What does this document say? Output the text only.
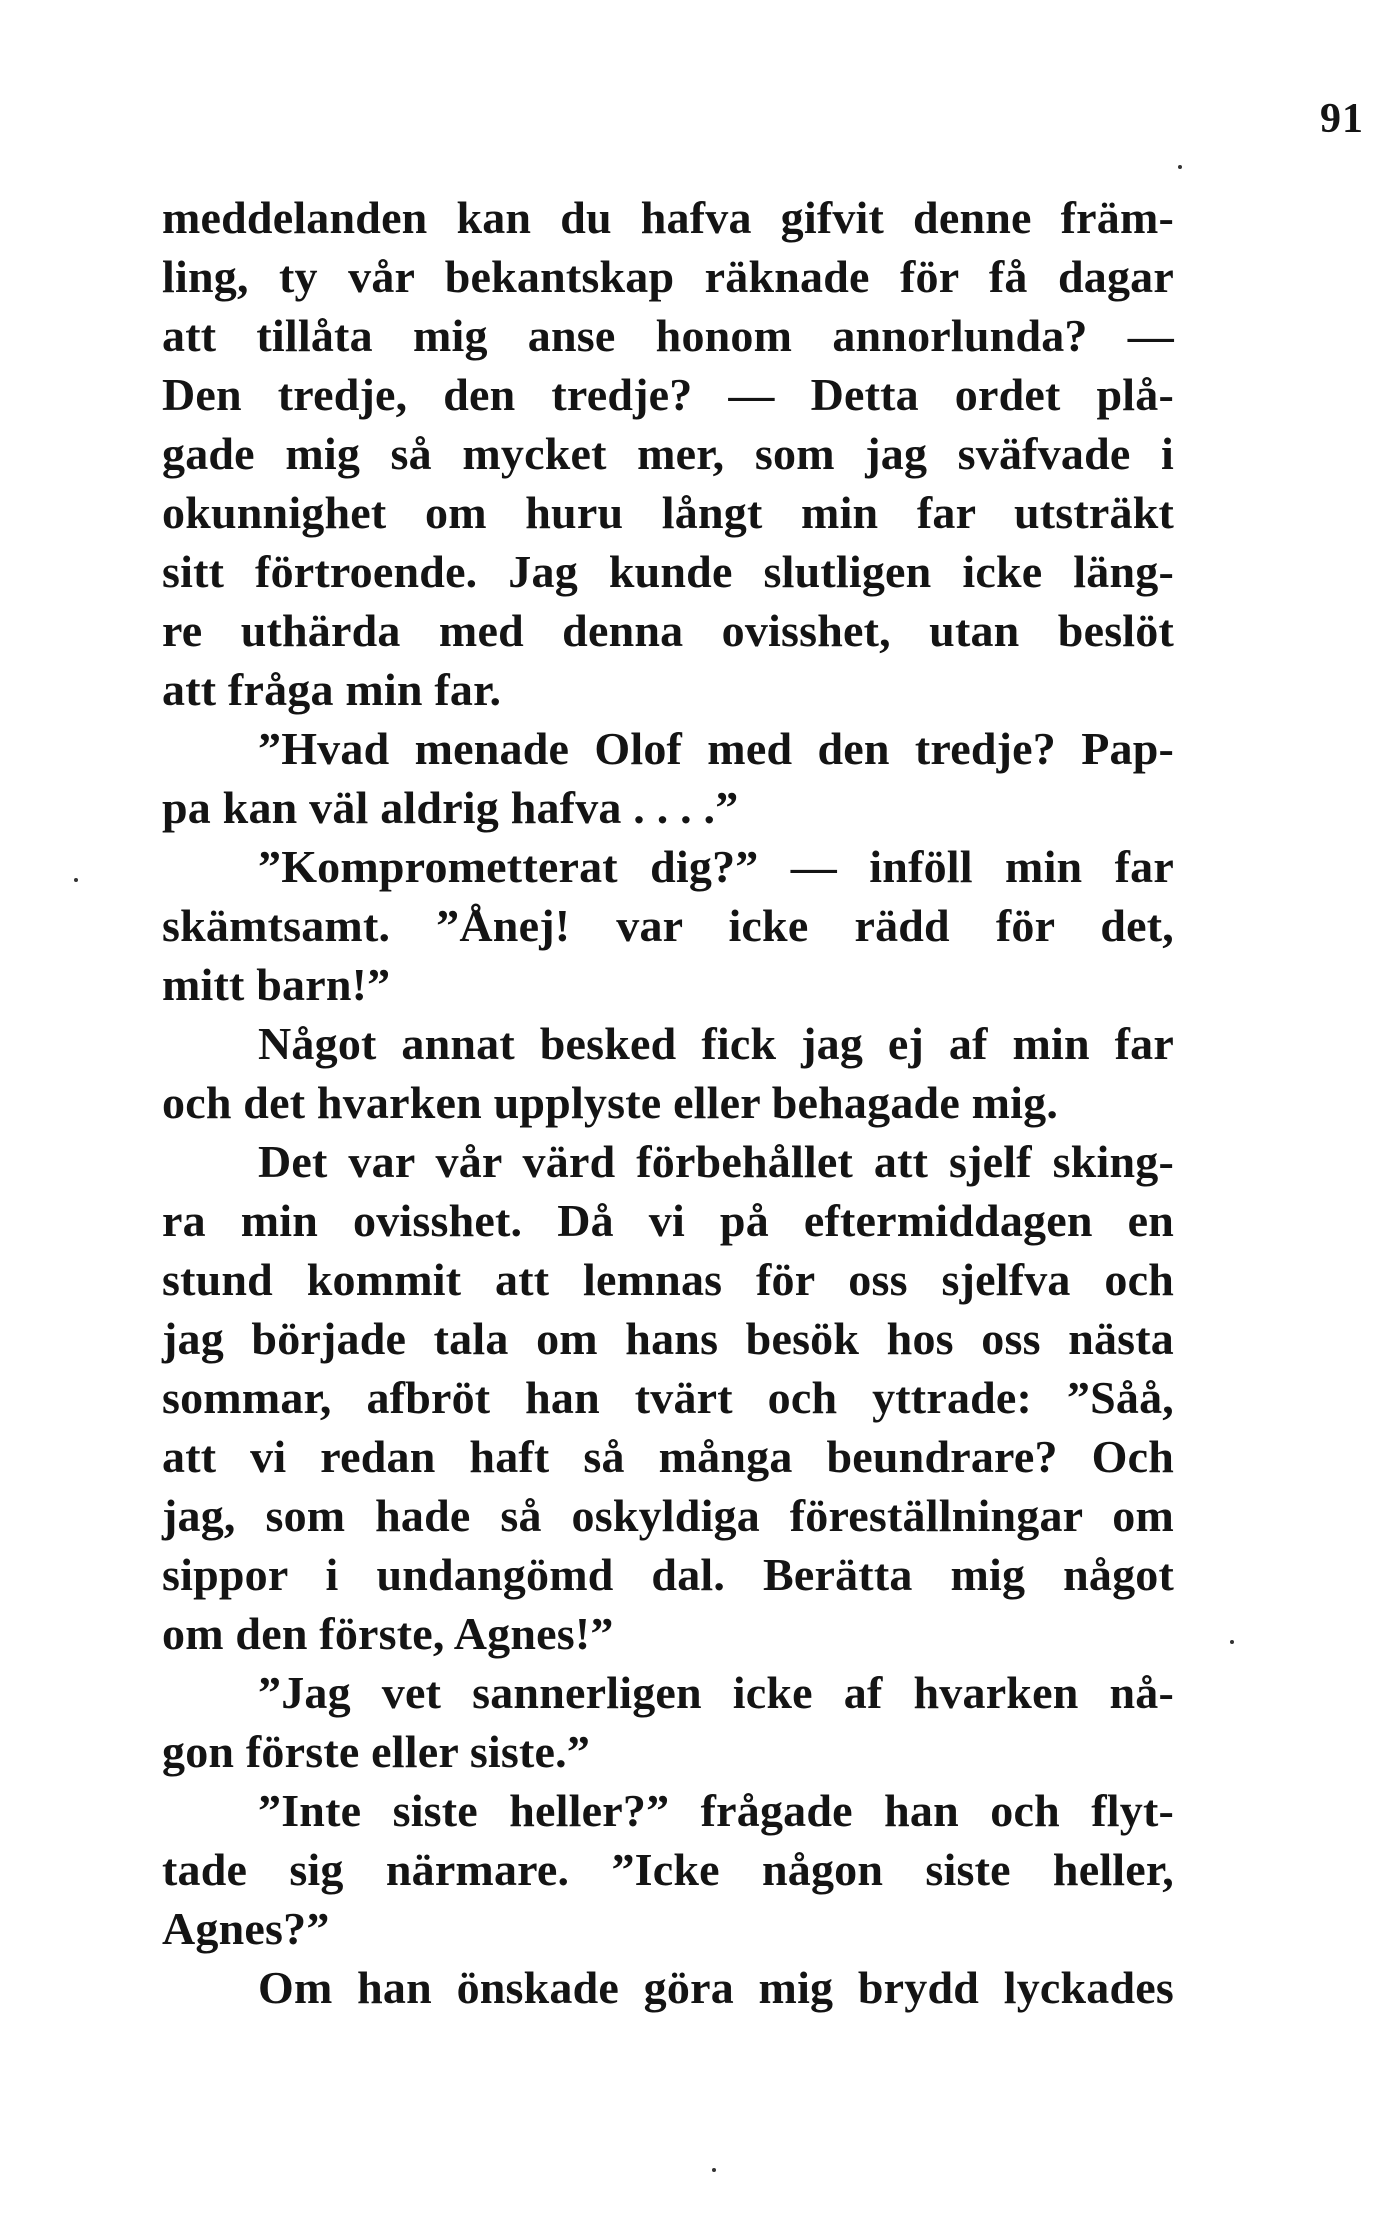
91
meddelanden kan du hafva gifvit denne främ-
ling, ty vår bekantskap räknade för få dagar
att tillåta mig anse honom annorlunda? —
Den tredje, den tredje? — Detta ordet plå-
gade mig så mycket mer, som jag sväfvade i
okunnighet om huru långt min far utsträkt
sitt förtroende. Jag kunde slutligen icke läng-
re uthärda med denna ovisshet, utan beslöt
att fråga min far.
”Hvad menade Olof med den tredje? Pap-
pa kan väl aldrig hafva . . . .”
”Komprometterat dig?” — inföll min far
skämtsamt. ”Ånej! var icke rädd för det,
mitt barn!”
Något annat besked fick jag ej af min far
och det hvarken upplyste eller behagade mig.
Det var vår värd förbehållet att sjelf sking-
ra min ovisshet. Då vi på eftermiddagen en
stund kommit att lemnas för oss sjelfva och
jag började tala om hans besök hos oss nästa
sommar, afbröt han tvärt och yttrade: ”Såå,
att vi redan haft så många beundrare? Och
jag, som hade så oskyldiga föreställningar om
sippor i undangömd dal. Berätta mig något
om den förste, Agnes!”
”Jag vet sannerligen icke af hvarken nå-
gon förste eller siste.”
”Inte siste heller?” frågade han och flyt-
tade sig närmare. ”Icke någon siste heller,
Agnes?”
Om han önskade göra mig brydd lyckades
